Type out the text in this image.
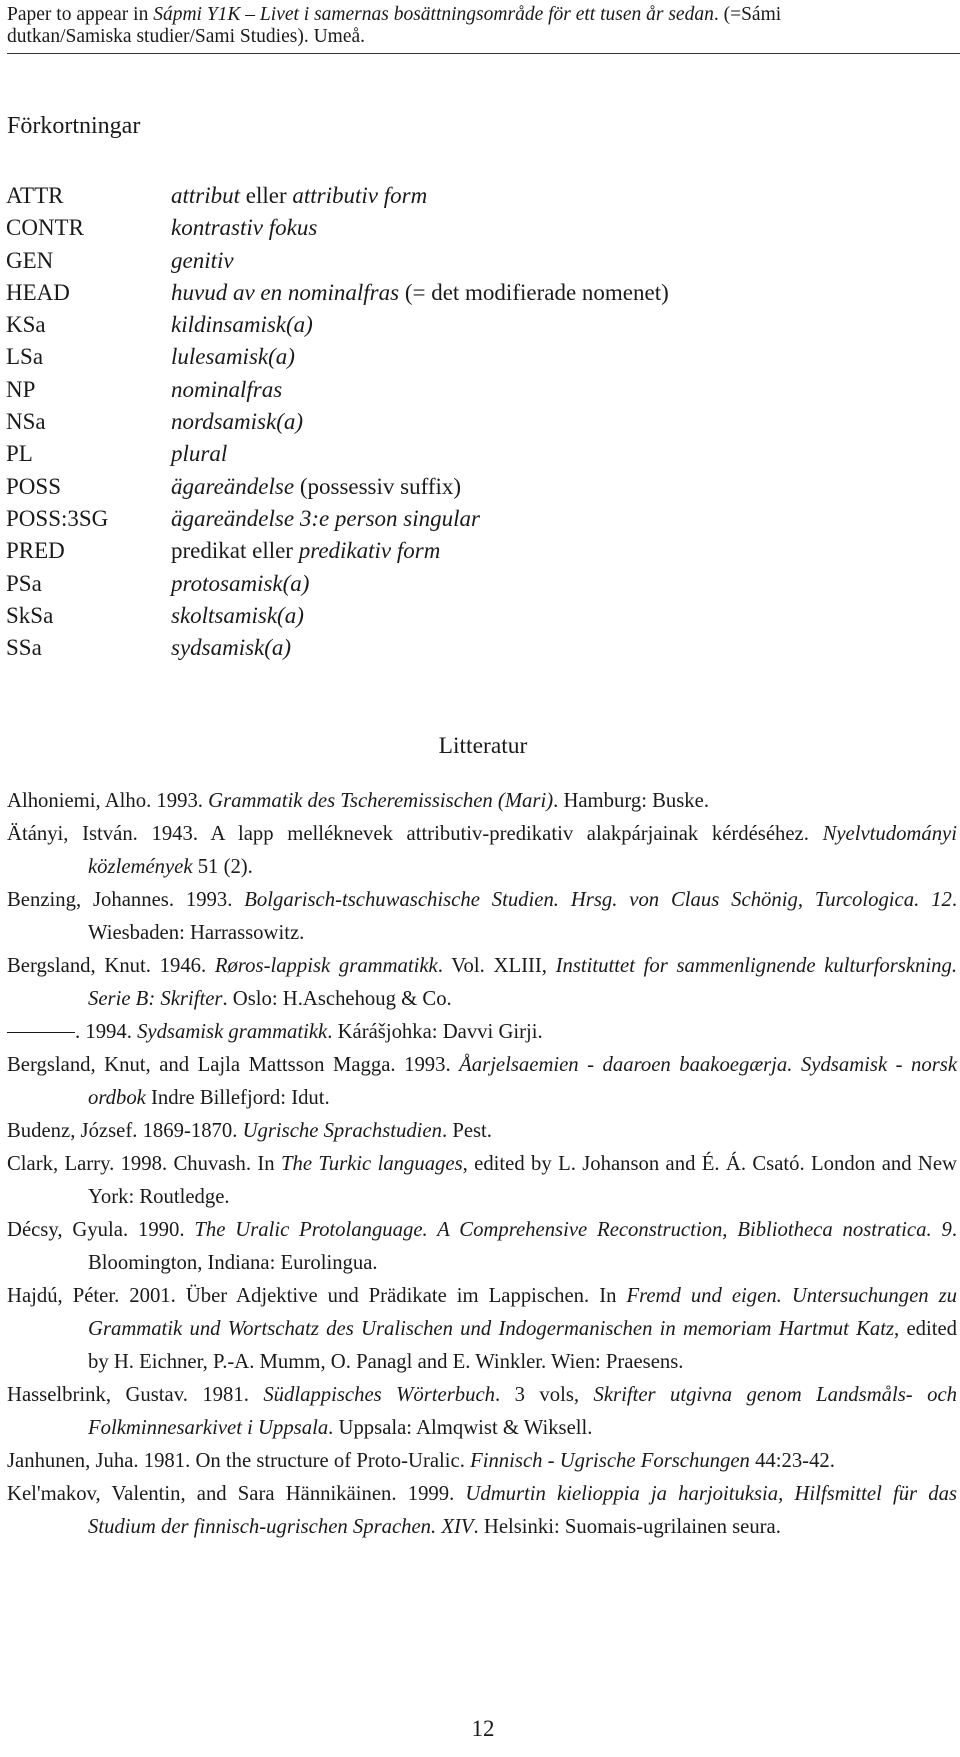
Paper to appear in Sápmi Y1K – Livet i samernas bosättningsområde för ett tusen år sedan. (=Sámi
dutkan/Samiska studier/Sami Studies). Umeå.
Förkortningar
ATTR	attribut eller attributiv form
CONTR	kontrastiv fokus
GEN	genitiv
HEAD	huvud av en nominalfras (= det modifierade nomenet)
KSa	kildinsamisk(a)
LSa	lulesamisk(a)
NP	nominalfras
NSa	nordsamisk(a)
PL	plural
POSS	ägareändelse (possessiv suffix)
POSS:3SG	ägareändelse 3:e person singular
PRED	predikat eller predikativ form
PSa	protosamisk(a)
SkSa	skoltsamisk(a)
SSa	sydsamisk(a)
Litteratur
Alhoniemi, Alho. 1993. Grammatik des Tscheremissischen (Mari). Hamburg: Buske.
Ätányi, István. 1943. A lapp melléknevek attributiv-predikativ alakpárjainak kérdéséhez. Nyelvtudományi közlemények 51 (2).
Benzing, Johannes. 1993. Bolgarisch-tschuwaschische Studien. Hrsg. von Claus Schönig, Turcologica. 12. Wiesbaden: Harrassowitz.
Bergsland, Knut. 1946. Røros-lappisk grammatikk. Vol. XLIII, Instituttet for sammenlignende kulturforskning. Serie B: Skrifter. Oslo: H.Aschehoug & Co.
. 1994. Sydsamisk grammatikk. Kárášjohka: Davvi Girji.
Bergsland, Knut, and Lajla Mattsson Magga. 1993. Åarjelsaemien - daaroen baakoegærja. Sydsamisk - norsk ordbok Indre Billefjord: Idut.
Budenz, József. 1869-1870. Ugrische Sprachstudien. Pest.
Clark, Larry. 1998. Chuvash. In The Turkic languages, edited by L. Johanson and É. Á. Csató. London and New York: Routledge.
Décsy, Gyula. 1990. The Uralic Protolanguage. A Comprehensive Reconstruction, Bibliotheca nostratica. 9. Bloomington, Indiana: Eurolingua.
Hajdú, Péter. 2001. Über Adjektive und Prädikate im Lappischen. In Fremd und eigen. Untersuchungen zu Grammatik und Wortschatz des Uralischen und Indogermanischen in memoriam Hartmut Katz, edited by H. Eichner, P.-A. Mumm, O. Panagl and E. Winkler. Wien: Praesens.
Hasselbrink, Gustav. 1981. Südlappisches Wörterbuch. 3 vols, Skrifter utgivna genom Landsmåls- och Folkminnesarkivet i Uppsala. Uppsala: Almqwist & Wiksell.
Janhunen, Juha. 1981. On the structure of Proto-Uralic. Finnisch - Ugrische Forschungen 44:23-42.
Kel'makov, Valentin, and Sara Hännikäinen. 1999. Udmurtin kielioppia ja harjoituksia, Hilfsmittel für das Studium der finnisch-ugrischen Sprachen. XIV. Helsinki: Suomais-ugrilainen seura.
12
